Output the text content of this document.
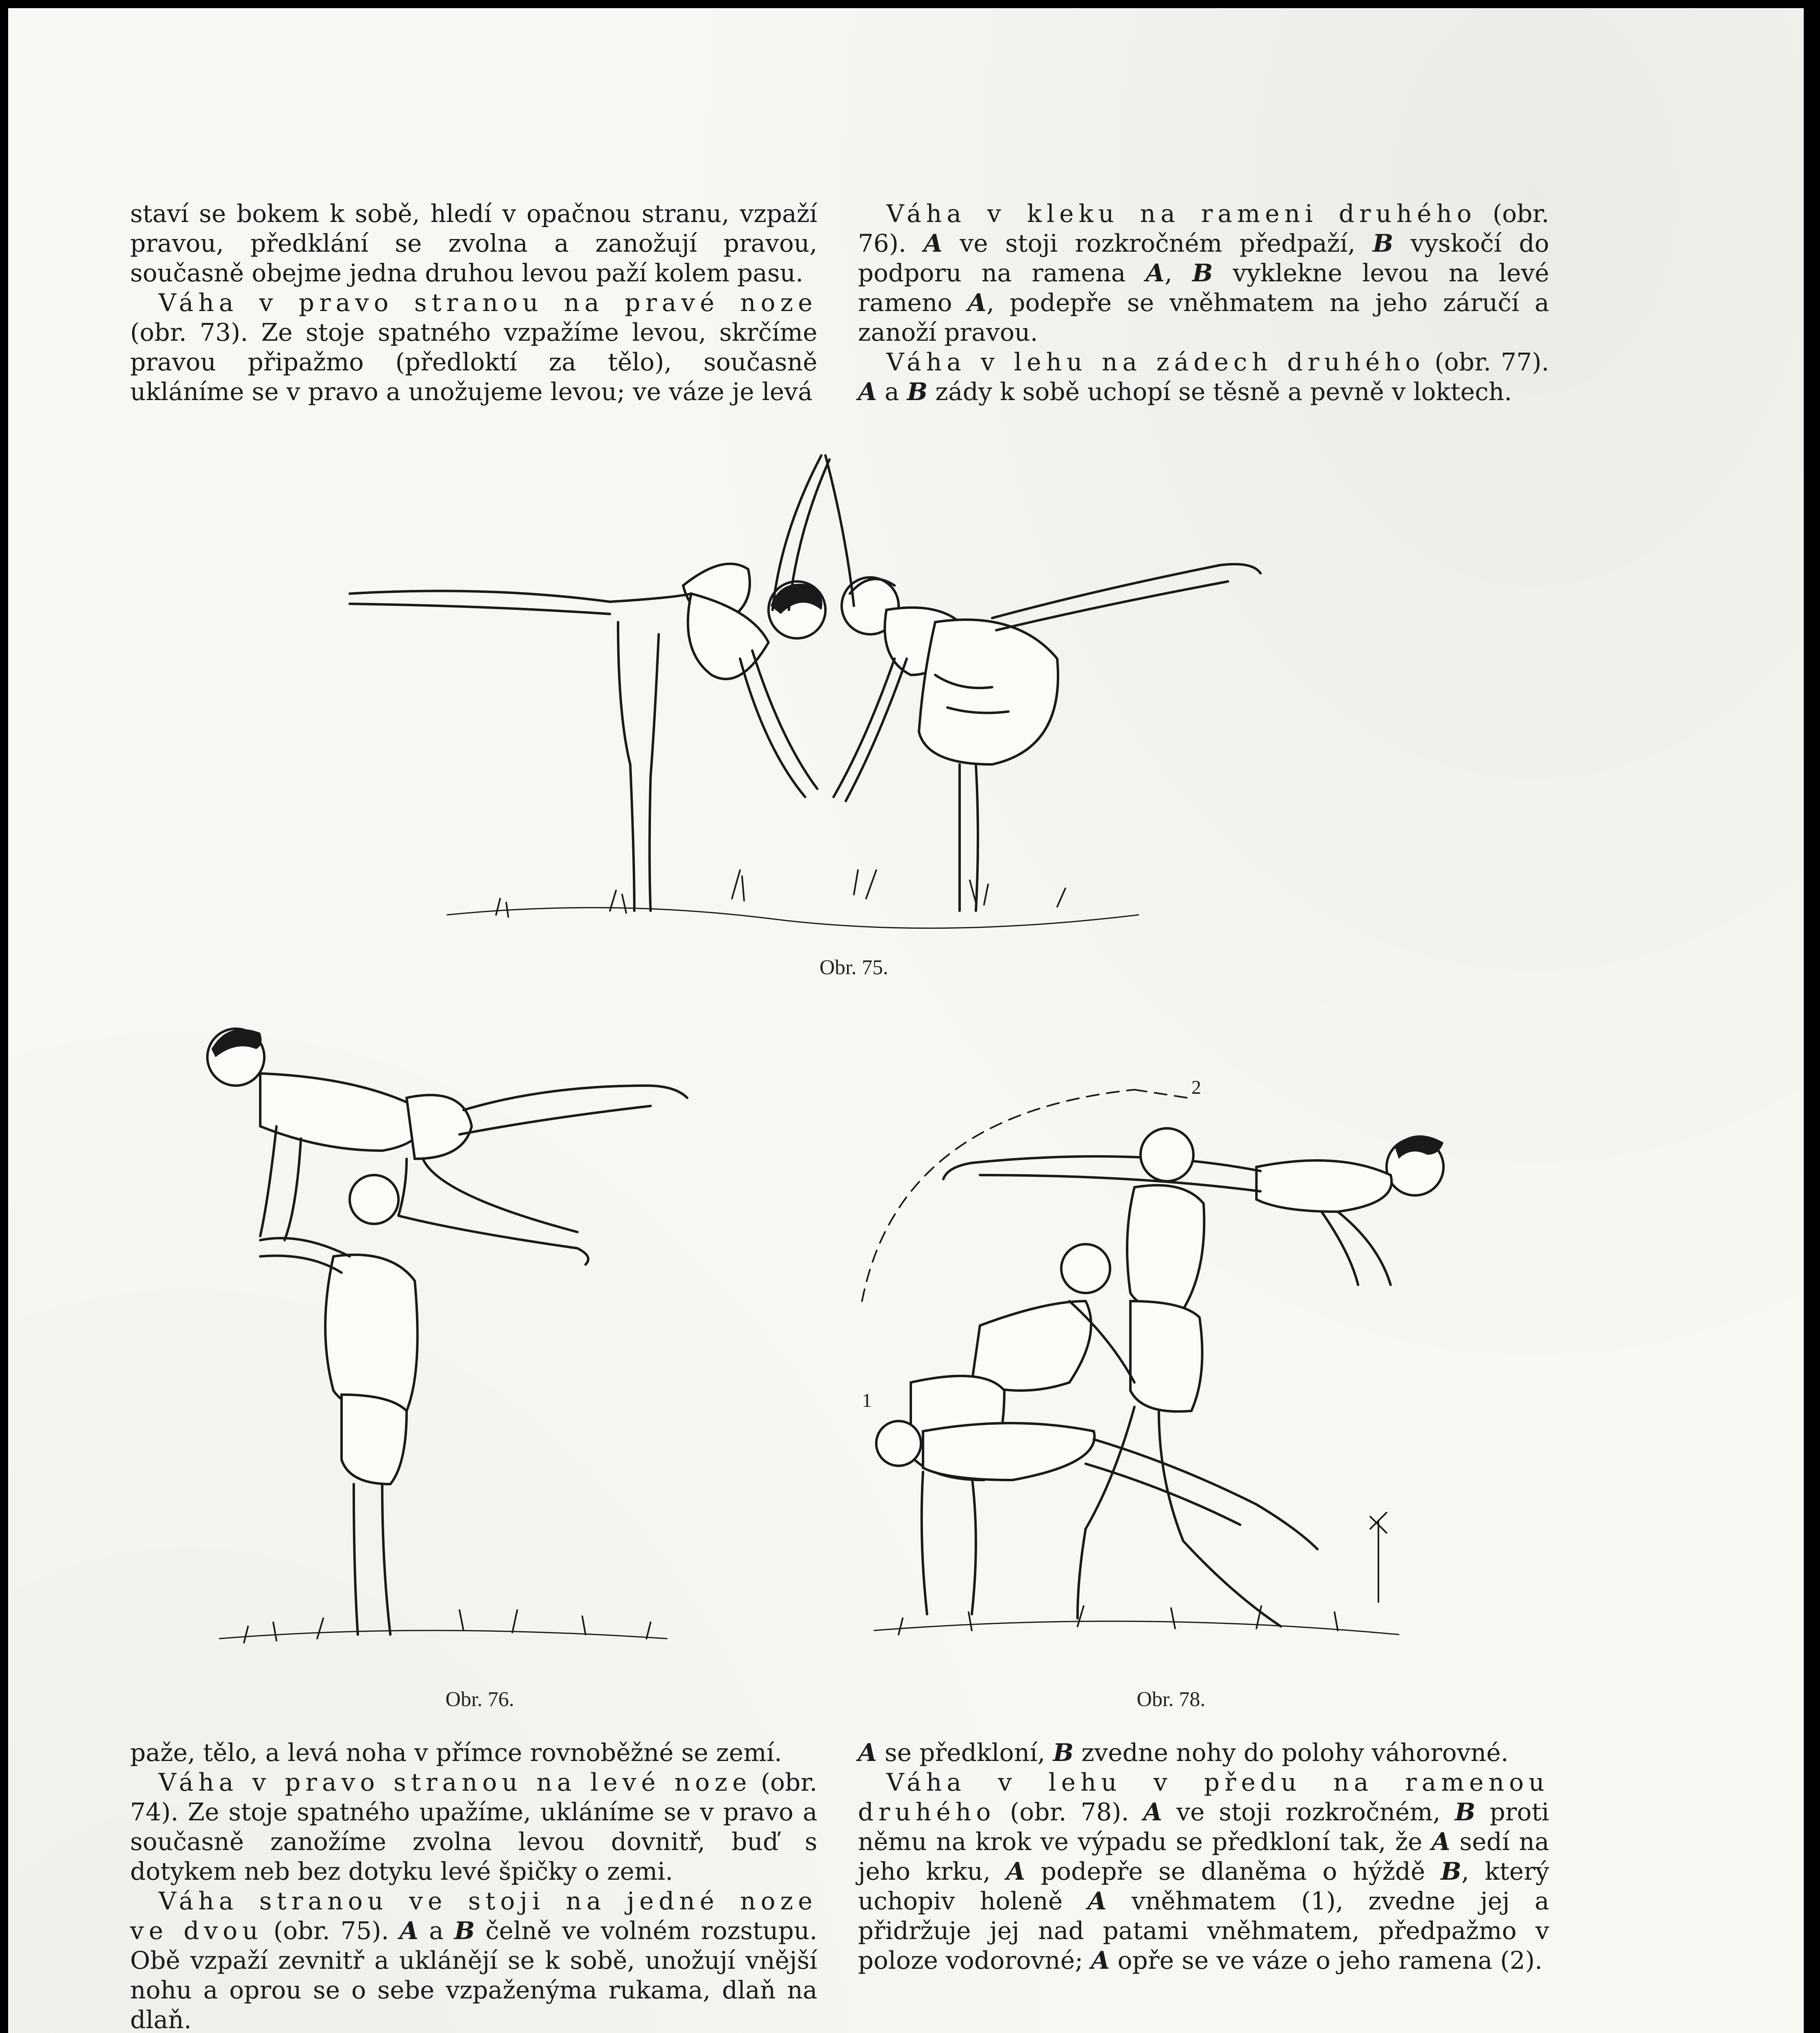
staví se bokem k sobě, hledí v opačnou stranu, vzpaží pravou, předklání se zvolna a zanožují pravou, současně obejme jedna druhou levou paží kolem pasu.

Váha v pravo stranou na pravé noze (obr. 73). Ze stoje spatného vzpažíme levou, skrčíme pravou připažmo (předloktí za tělo), současně ukláníme se v pravo a unožujeme levou; ve váze je levá

Váha v kleku na rameni druhého (obr. 76). A ve stoji rozkročném předpaží, B vyskočí do podporu na ramena A, B vyklekne levou na levé rameno A, podepře se vněhmatem na jeho záručí a zanoží pravou.

Váha v lehu na zádech druhého (obr. 77). A a B zády k sobě uchopí se těsně a pevně v loktech.

Obr. 75.
Obr. 76.
2
1
Obr. 78.

paže, tělo, a levá noha v přímce rovnoběžné se zemí.

Váha v pravo stranou na levé noze (obr. 74). Ze stoje spatného upažíme, ukláníme se v pravo a současně zanožíme zvolna levou dovnitř, buď s dotykem neb bez dotyku levé špičky o zemi.

Váha stranou ve stoji na jedné noze ve dvou (obr. 75). A a B čelně ve volném rozstupu. Obě vzpaží zevnitř a uklánějí se k sobě, unožují vnější nohu a oprou se o sebe vzpaženýma rukama, dlaň na dlaň.

A se předkloní, B zvedne nohy do polohy váhorovné.

Váha v lehu v předu na ramenou druhého (obr. 78). A ve stoji rozkročném, B proti němu na krok ve výpadu se předkloní tak, že A sedí na jeho krku, A podepře se dlaněma o hýždě B, který uchopiv holeně A vněhmatem (1), zvedne jej a přidržuje jej nad patami vněhmatem, předpažmo v poloze vodorovné; A opře se ve váze o jeho ramena (2).
